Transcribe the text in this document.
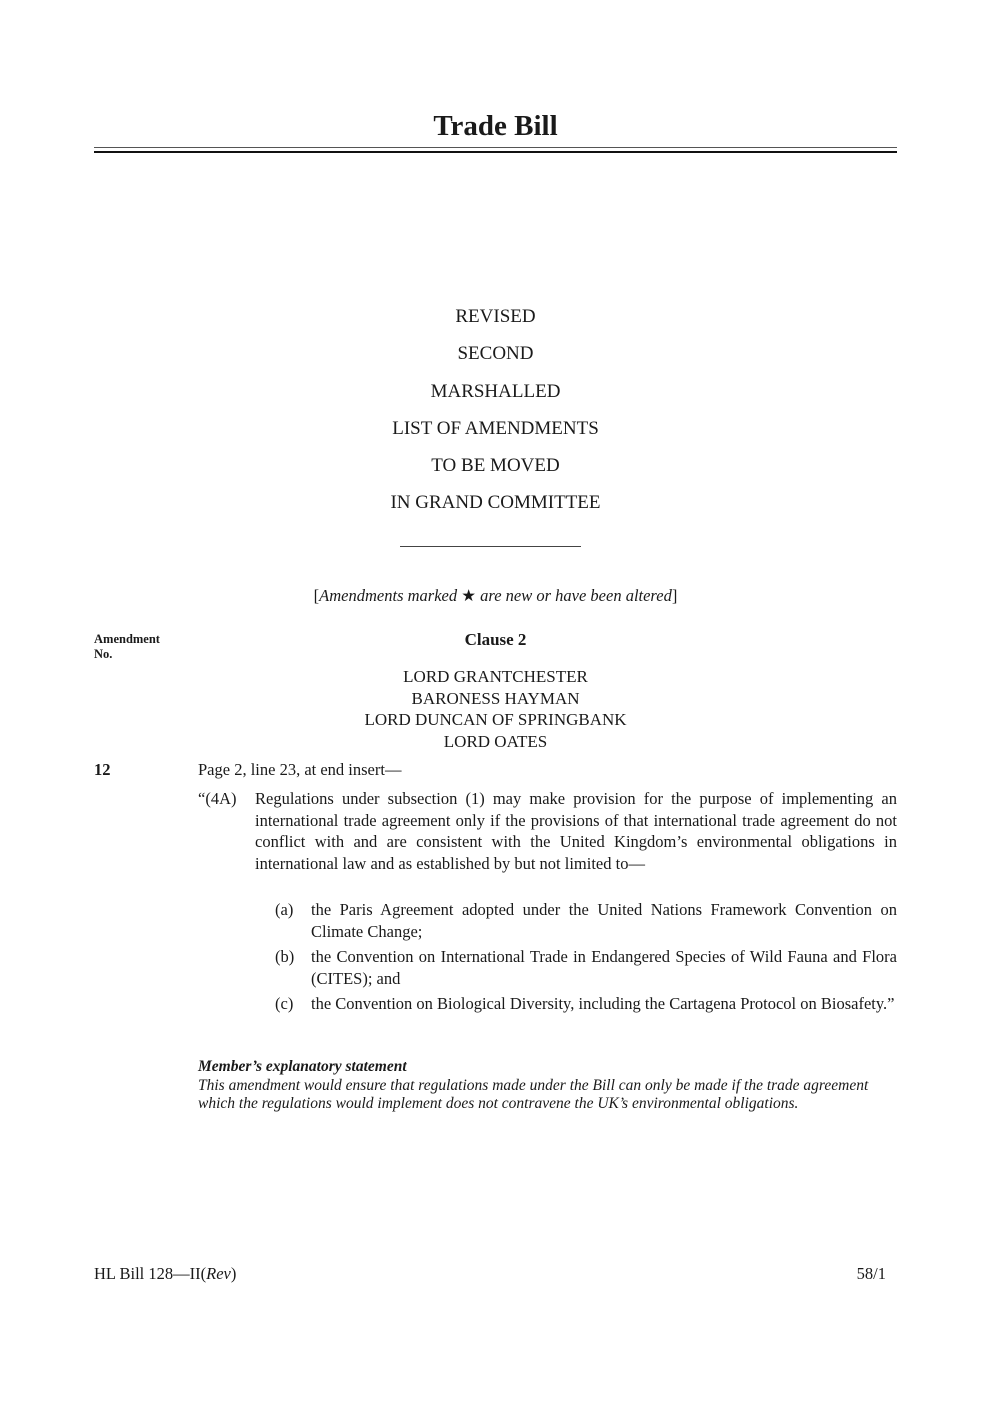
Trade Bill
REVISED
SECOND
MARSHALLED
LIST OF AMENDMENTS
TO BE MOVED
IN GRAND COMMITTEE
[Amendments marked ★ are new or have been altered]
Amendment
No.
Clause 2
LORD GRANTCHESTER
BARONESS HAYMAN
LORD DUNCAN OF SPRINGBANK
LORD OATES
12	Page 2, line 23, at end insert—
“(4A) Regulations under subsection (1) may make provision for the purpose of implementing an international trade agreement only if the provisions of that international trade agreement do not conflict with and are consistent with the United Kingdom’s environmental obligations in international law and as established by but not limited to—
(a) the Paris Agreement adopted under the United Nations Framework Convention on Climate Change;
(b) the Convention on International Trade in Endangered Species of Wild Fauna and Flora (CITES); and
(c) the Convention on Biological Diversity, including the Cartagena Protocol on Biosafety.”
Member’s explanatory statement
This amendment would ensure that regulations made under the Bill can only be made if the trade agreement which the regulations would implement does not contravene the UK’s environmental obligations.
HL Bill 128—II(Rev)	58/1
